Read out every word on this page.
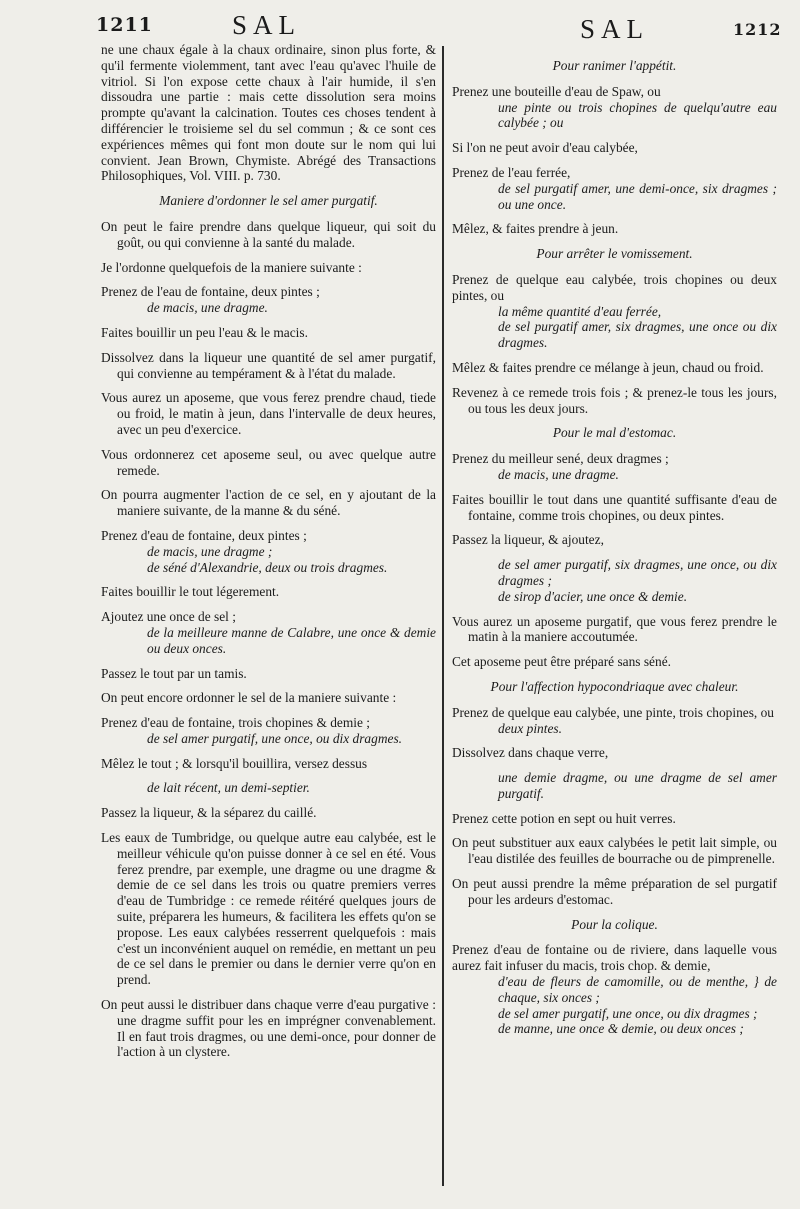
1211	SAL	SAL	1212

ne une chaux égale à la chaux ordinaire, sinon plus forte, & qu'il fermente violemment, tant avec l'eau qu'avec l'huile de vitriol. Si l'on expose cette chaux à l'air humide, il s'en dissoudra une partie : mais cette dissolution sera moins prompte qu'avant la calcination. Toutes ces choses tendent à différencier le troisieme sel du sel commun ; & ce sont ces expériences mêmes qui font mon doute sur le nom qui lui convient. Jean Brown, Chymiste. Abrégé des Transactions Philosophiques, Vol. VIII. p. 730.

Maniere d'ordonner le sel amer purgatif.

On peut le faire prendre dans quelque liqueur, qui soit du goût, ou qui convienne à la santé du malade.

Je l'ordonne quelquefois de la maniere suivante :

Prenez de l'eau de fontaine, deux pintes ;

de macis, une dragme.

Faites bouillir un peu l'eau & le macis.

Dissolvez dans la liqueur une quantité de sel amer purgatif, qui convienne au tempérament & à l'état du malade.

Vous aurez un aposeme, que vous ferez prendre chaud, tiede ou froid, le matin à jeun, dans l'intervalle de deux heures, avec un peu d'exercice.

Vous ordonnerez cet aposeme seul, ou avec quelque autre remede.

On pourra augmenter l'action de ce sel, en y ajoutant de la maniere suivante, de la manne & du séné.

Prenez d'eau de fontaine, deux pintes ;

de macis, une dragme ;

de séné d'Alexandrie, deux ou trois dragmes.

Faites bouillir le tout légerement.

Ajoutez une once de sel ;

de la meilleure manne de Calabre, une once & demie ou deux onces.

Passez le tout par un tamis.

On peut encore ordonner le sel de la maniere suivante :

Prenez d'eau de fontaine, trois chopines & demie ;

de sel amer purgatif, une once, ou dix dragmes.

Mêlez le tout ; & lorsqu'il bouillira, versez dessus

de lait récent, un demi-septier.

Passez la liqueur, & la séparez du caillé.

Les eaux de Tumbridge, ou quelque autre eau calybée, est le meilleur véhicule qu'on puisse donner à ce sel en été. Vous ferez prendre, par exemple, une dragme ou une dragme & demie de ce sel dans les trois ou quatre premiers verres d'eau de Tumbridge : ce remede réitéré quelques jours de suite, préparera les humeurs, & facilitera les effets qu'on se propose. Les eaux calybées resserrent quelquefois : mais c'est un inconvénient auquel on remédie, en mettant un peu de ce sel dans le premier ou dans le dernier verre qu'on en prend.

On peut aussi le distribuer dans chaque verre d'eau purgative : une dragme suffit pour les en imprégner convenablement. Il en faut trois dragmes, ou une demi-once, pour donner de l'action à un clystere.

Pour ranimer l'appétit.

Prenez une bouteille d'eau de Spaw, ou

une pinte ou trois chopines de quelqu'autre eau calybée ; ou

Si l'on ne peut avoir d'eau calybée,

Prenez de l'eau ferrée,

de sel purgatif amer, une demi-once, six dragmes ; ou une once.

Mêlez, & faites prendre à jeun.

Pour arrêter le vomissement.

Prenez de quelque eau calybée, trois chopines ou deux pintes, ou

la même quantité d'eau ferrée,

de sel purgatif amer, six dragmes, une once ou dix dragmes.

Mêlez & faites prendre ce mélange à jeun, chaud ou froid.

Revenez à ce remede trois fois ; & prenez-le tous les jours, ou tous les deux jours.

Pour le mal d'estomac.

Prenez du meilleur sené, deux dragmes ;

de macis, une dragme.

Faites bouillir le tout dans une quantité suffisante d'eau de fontaine, comme trois chopines, ou deux pintes.

Passez la liqueur, & ajoutez,

de sel amer purgatif, six dragmes, une once, ou dix dragmes ;

de sirop d'acier, une once & demie.

Vous aurez un aposeme purgatif, que vous ferez prendre le matin à la maniere accoutumée.

Cet aposeme peut être préparé sans séné.

Pour l'affection hypocondriaque avec chaleur.

Prenez de quelque eau calybée, une pinte, trois chopines, ou

deux pintes.

Dissolvez dans chaque verre,

une demie dragme, ou une dragme de sel amer purgatif.

Prenez cette potion en sept ou huit verres.

On peut substituer aux eaux calybées le petit lait simple, ou l'eau distilée des feuilles de bourrache ou de pimprenelle.

On peut aussi prendre la même préparation de sel purgatif pour les ardeurs d'estomac.

Pour la colique.

Prenez d'eau de fontaine ou de riviere, dans laquelle vous aurez fait infuser du macis, trois chop. & demie,

d'eau de fleurs de camomille, ou de menthe, } de chaque, six onces ;

de sel amer purgatif, une once, ou dix dragmes ;

de manne, une once & demie, ou deux onces ;
